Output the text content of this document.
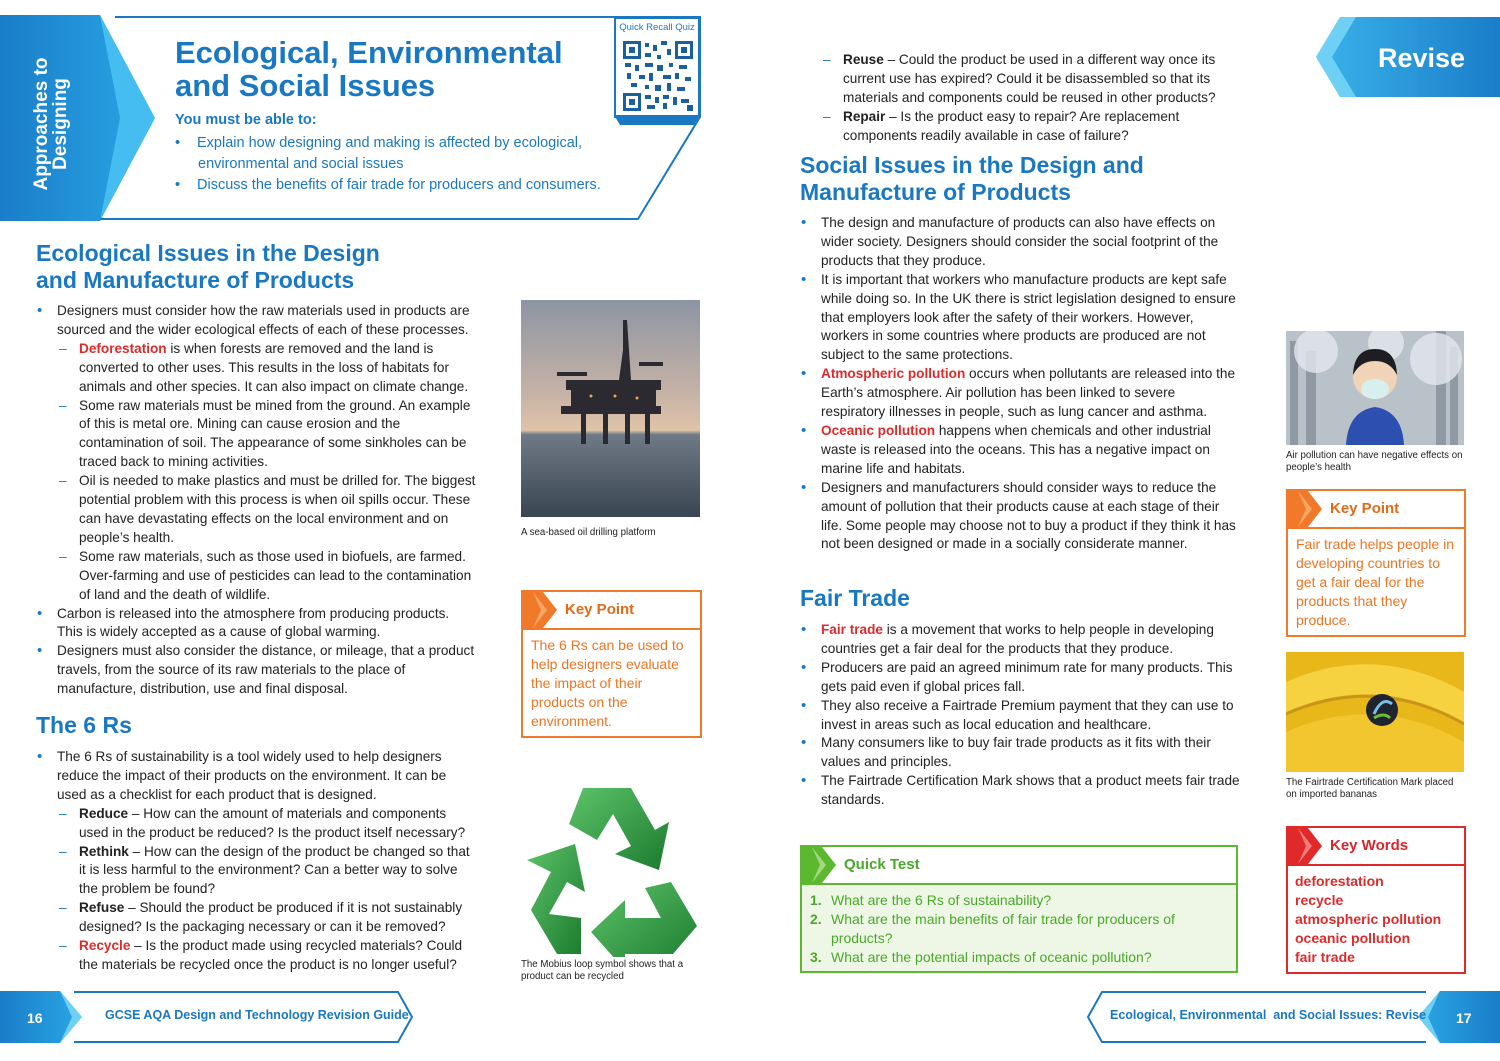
Approaches to Designing
Ecological, Environmental
and Social Issues
You must be able to:
• Explain how designing and making is affected by ecological,
environmental and social issues
• Discuss the benefits of fair trade for producers and consumers.
Quick Recall Quiz
Ecological Issues in the Design
and Manufacture of Products
• Designers must consider how the raw materials used in products are sourced and the wider ecological effects of each of these processes.
– Deforestation is when forests are removed and the land is converted to other uses. This results in the loss of habitats for animals and other species. It can also impact on climate change.
– Some raw materials must be mined from the ground. An example of this is metal ore. Mining can cause erosion and the contamination of soil. The appearance of some sinkholes can be traced back to mining activities.
– Oil is needed to make plastics and must be drilled for. The biggest potential problem with this process is when oil spills occur. These can have devastating effects on the local environment and on people’s health.
– Some raw materials, such as those used in biofuels, are farmed. Over-farming and use of pesticides can lead to the contamination of land and the death of wildlife.
• Carbon is released into the atmosphere from producing products. This is widely accepted as a cause of global warming.
• Designers must also consider the distance, or mileage, that a product travels, from the source of its raw materials to the place of manufacture, distribution, use and final disposal.
The 6 Rs
• The 6 Rs of sustainability is a tool widely used to help designers reduce the impact of their products on the environment. It can be used as a checklist for each product that is designed.
– Reduce – How can the amount of materials and components used in the product be reduced? Is the product itself necessary?
– Rethink – How can the design of the product be changed so that it is less harmful to the environment? Can a better way to solve the problem be found?
– Refuse – Should the product be produced if it is not sustainably designed? Is the packaging necessary or can it be removed?
– Recycle – Is the product made using recycled materials? Could the materials be recycled once the product is no longer useful?
A sea-based oil drilling platform
Key Point
The 6 Rs can be used to help designers evaluate the impact of their products on the environment.
The Mobius loop symbol shows that a product can be recycled
Revise
– Reuse – Could the product be used in a different way once its current use has expired? Could it be disassembled so that its materials and components could be reused in other products?
– Repair – Is the product easy to repair? Are replacement components readily available in case of failure?
Social Issues in the Design and
Manufacture of Products
• The design and manufacture of products can also have effects on wider society. Designers should consider the social footprint of the products that they produce.
• It is important that workers who manufacture products are kept safe while doing so. In the UK there is strict legislation designed to ensure that employers look after the safety of their workers. However, workers in some countries where products are produced are not subject to the same protections.
• Atmospheric pollution occurs when pollutants are released into the Earth’s atmosphere. Air pollution has been linked to severe respiratory illnesses in people, such as lung cancer and asthma.
• Oceanic pollution happens when chemicals and other industrial waste is released into the oceans. This has a negative impact on marine life and habitats.
• Designers and manufacturers should consider ways to reduce the amount of pollution that their products cause at each stage of their life. Some people may choose not to buy a product if they think it has not been designed or made in a socially considerate manner.
Fair Trade
• Fair trade is a movement that works to help people in developing countries get a fair deal for the products that they produce.
• Producers are paid an agreed minimum rate for many products. This gets paid even if global prices fall.
• They also receive a Fairtrade Premium payment that they can use to invest in areas such as local education and healthcare.
• Many consumers like to buy fair trade products as it fits with their values and principles.
• The Fairtrade Certification Mark shows that a product meets fair trade standards.
Quick Test
1. What are the 6 Rs of sustainability?
2. What are the main benefits of fair trade for producers of products?
3. What are the potential impacts of oceanic pollution?
Air pollution can have negative effects on people’s health
Key Point
Fair trade helps people in developing countries to get a fair deal for the products that they produce.
The Fairtrade Certification Mark placed on imported bananas
Key Words
deforestation
recycle
atmospheric pollution
oceanic pollution
fair trade
16	GCSE AQA Design and Technology Revision Guide	Ecological, Environmental  and Social Issues: Revise 17
